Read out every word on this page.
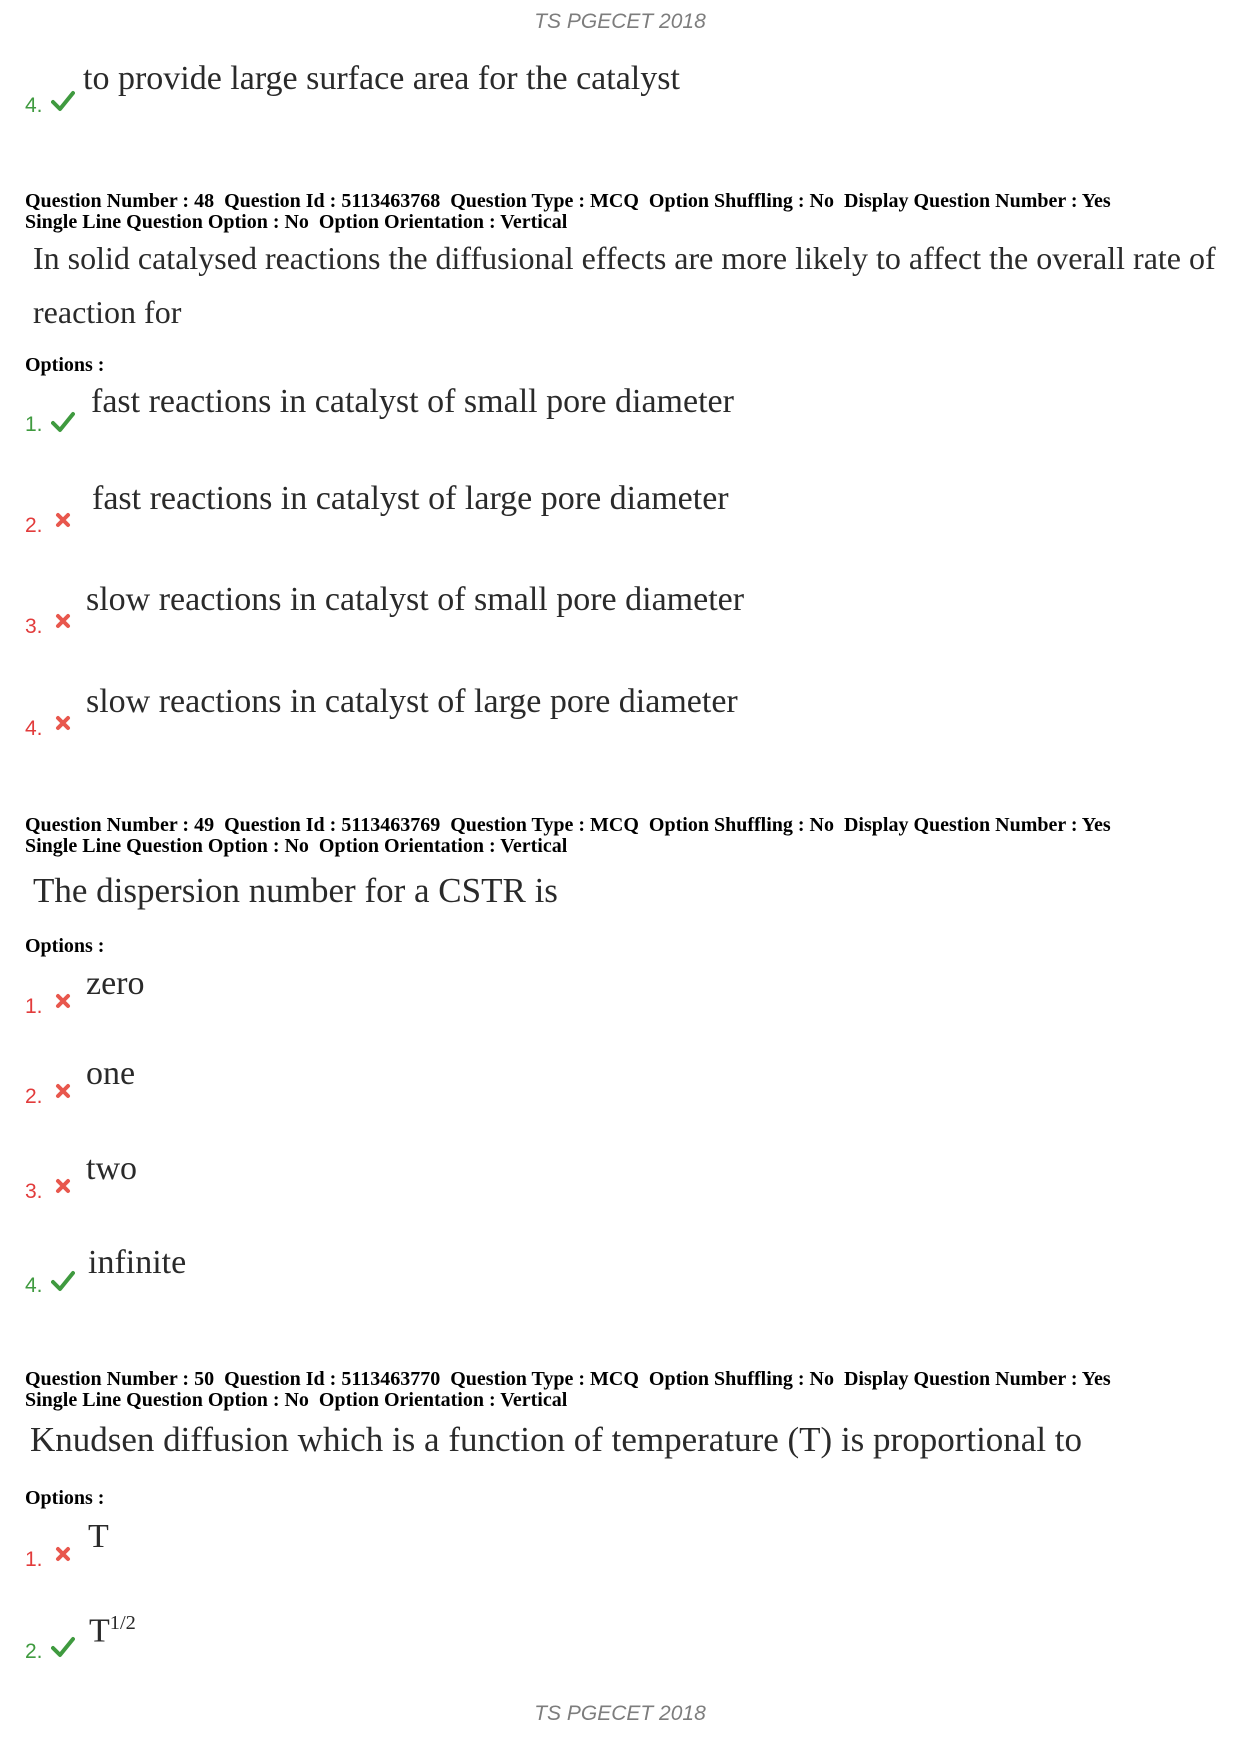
TS PGECET 2018
4.
to provide large surface area for the catalyst
Question Number : 48  Question Id : 5113463768  Question Type : MCQ  Option Shuffling : No  Display Question Number : Yes
Single Line Question Option : No  Option Orientation : Vertical
In solid catalysed reactions the diffusional effects are more likely to affect the overall rate of
reaction for
Options :
1.
fast reactions in catalyst of small pore diameter
2.
fast reactions in catalyst of large pore diameter
3.
slow reactions in catalyst of small pore diameter
4.
slow reactions in catalyst of large pore diameter
Question Number : 49  Question Id : 5113463769  Question Type : MCQ  Option Shuffling : No  Display Question Number : Yes
Single Line Question Option : No  Option Orientation : Vertical
The dispersion number for a CSTR is
Options :
1.
zero
2.
one
3.
two
4.
infinite
Question Number : 50  Question Id : 5113463770  Question Type : MCQ  Option Shuffling : No  Display Question Number : Yes
Single Line Question Option : No  Option Orientation : Vertical
Knudsen diffusion which is a function of temperature (T) is proportional to
Options :
1.
T
2.
$T^{1/2}$
TS PGECET 2018
